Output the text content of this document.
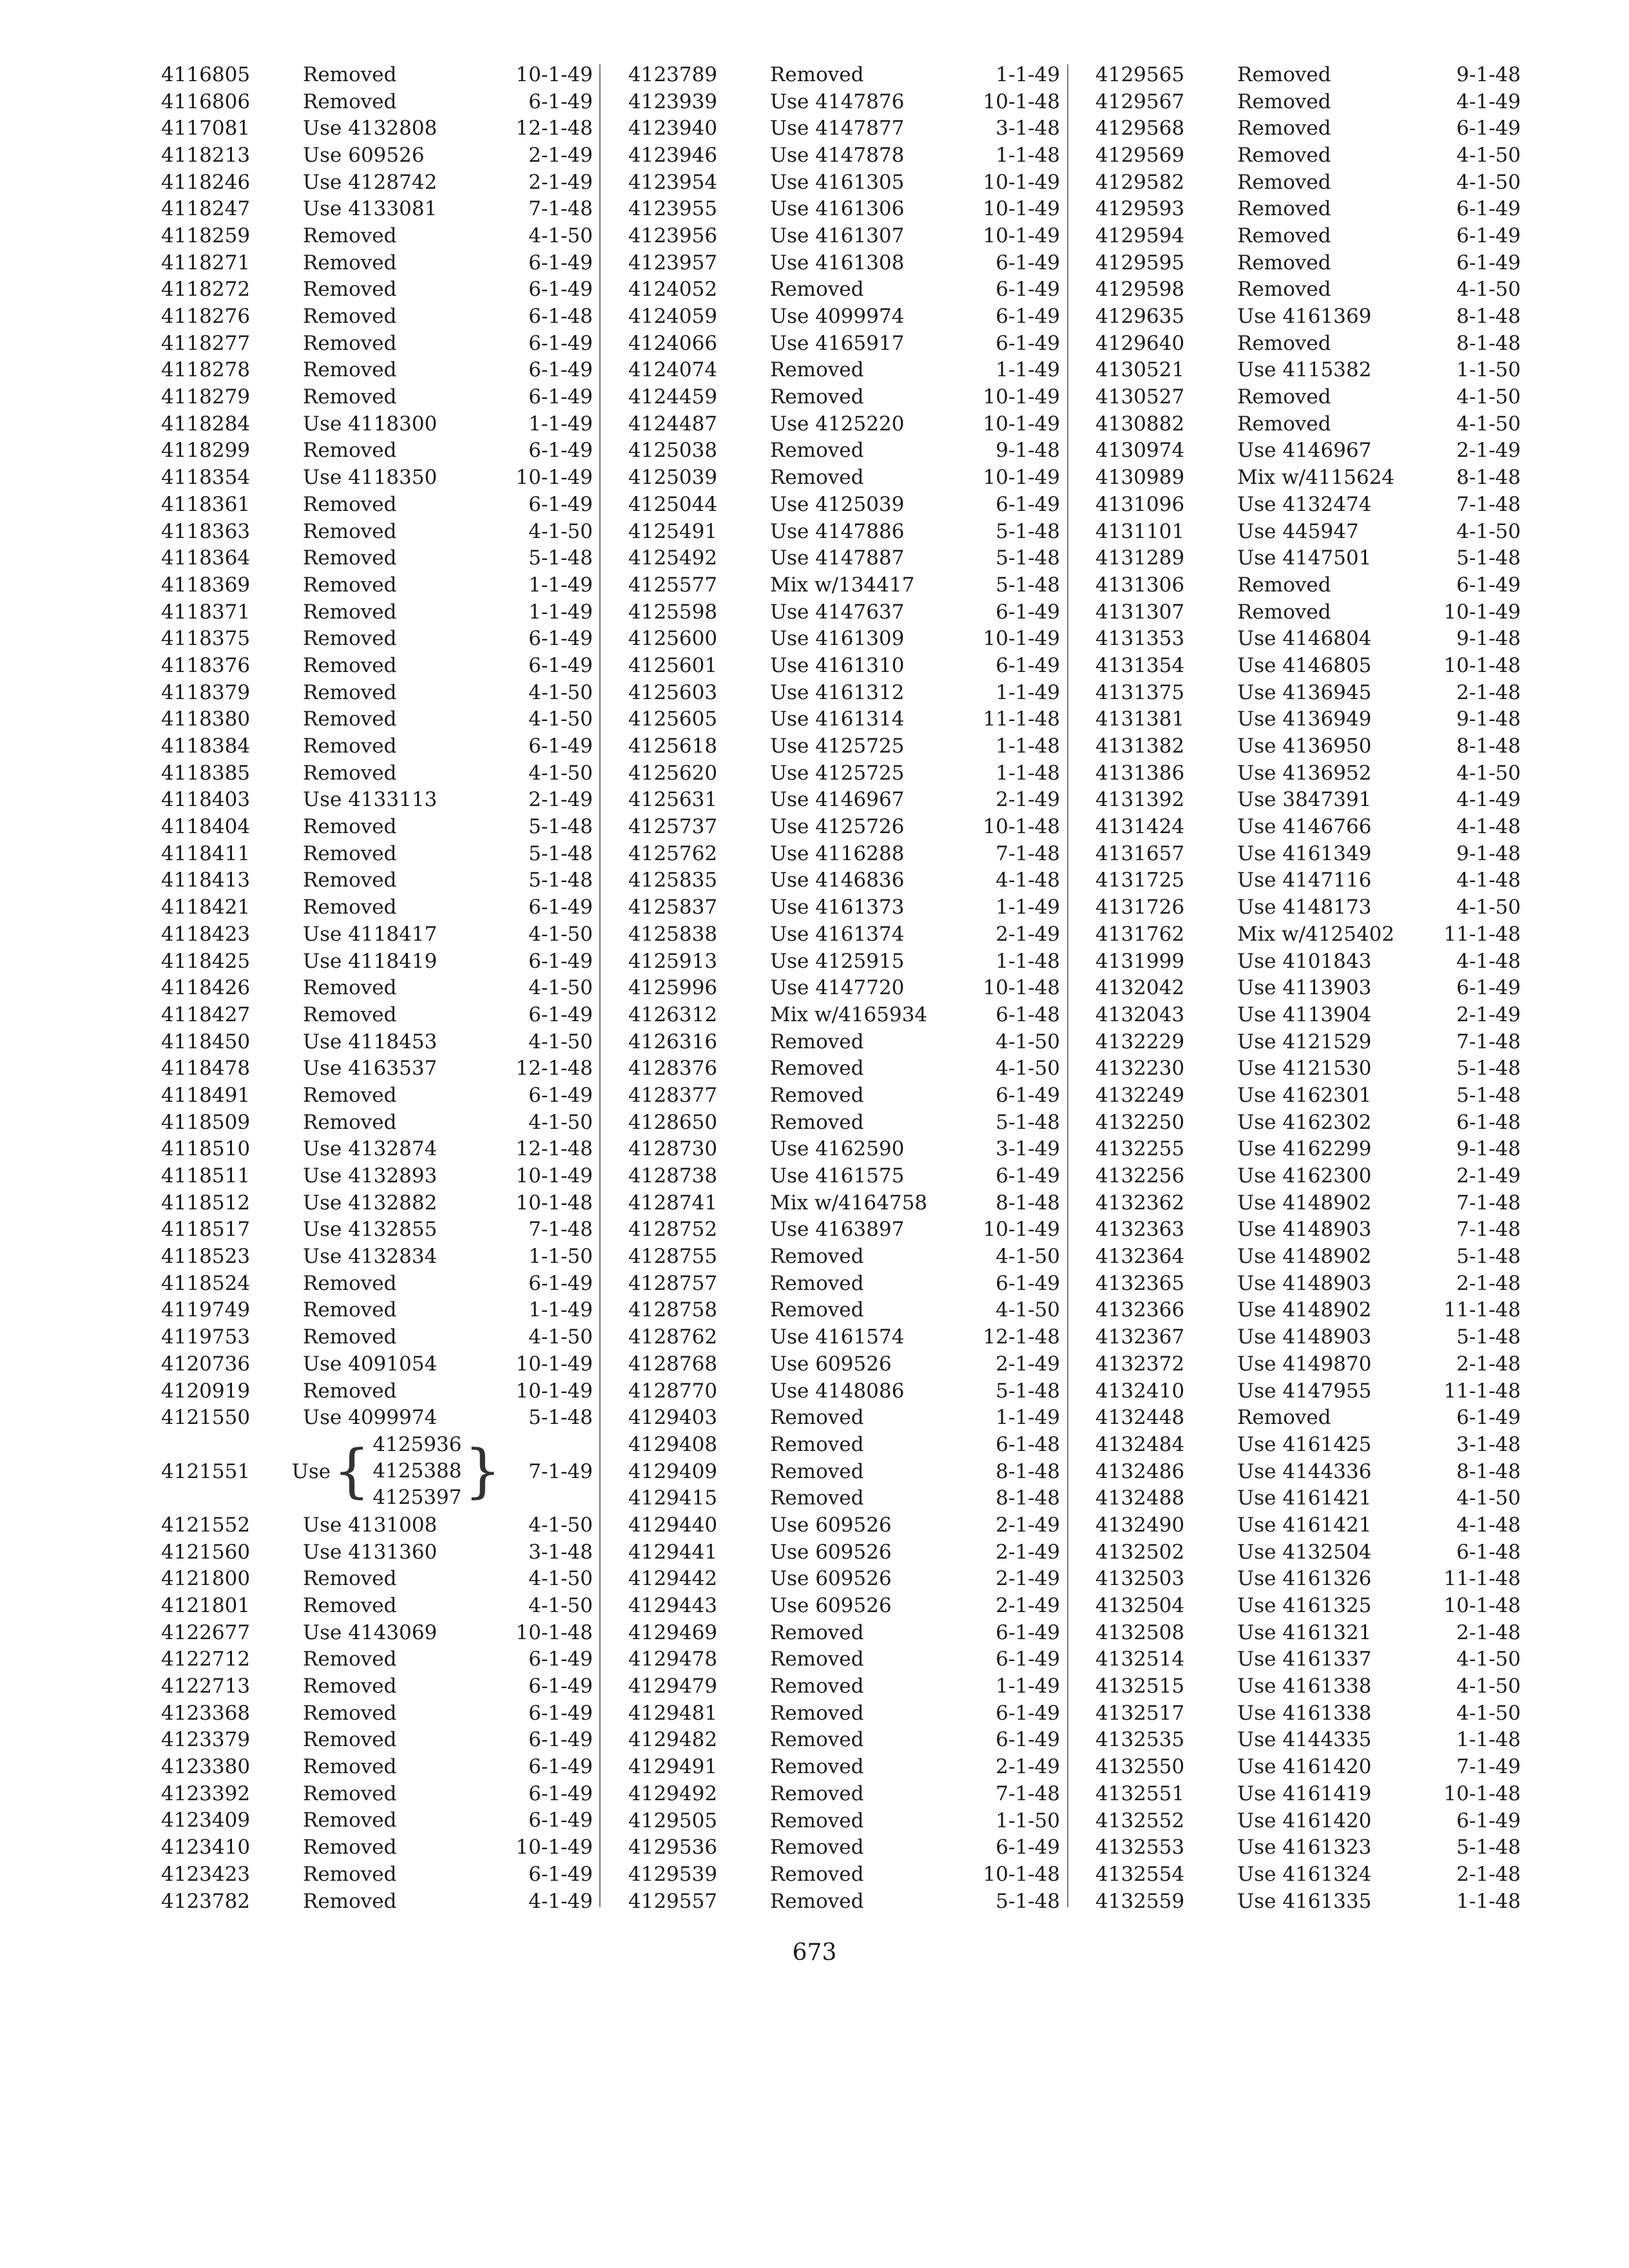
4116805	Removed	10-1-49
4116806	Removed	6-1-49
4117081	Use 4132808	12-1-48
4118213	Use 609526	2-1-49
4118246	Use 4128742	2-1-49
4118247	Use 4133081	7-1-48
4118259	Removed	4-1-50
4118271	Removed	6-1-49
4118272	Removed	6-1-49
4118276	Removed	6-1-48
4118277	Removed	6-1-49
4118278	Removed	6-1-49
4118279	Removed	6-1-49
4118284	Use 4118300	1-1-49
4118299	Removed	6-1-49
4118354	Use 4118350	10-1-49
4118361	Removed	6-1-49
4118363	Removed	4-1-50
4118364	Removed	5-1-48
4118369	Removed	1-1-49
4118371	Removed	1-1-49
4118375	Removed	6-1-49
4118376	Removed	6-1-49
4118379	Removed	4-1-50
4118380	Removed	4-1-50
4118384	Removed	6-1-49
4118385	Removed	4-1-50
4118403	Use 4133113	2-1-49
4118404	Removed	5-1-48
4118411	Removed	5-1-48
4118413	Removed	5-1-48
4118421	Removed	6-1-49
4118423	Use 4118417	4-1-50
4118425	Use 4118419	6-1-49
4118426	Removed	4-1-50
4118427	Removed	6-1-49
4118450	Use 4118453	4-1-50
4118478	Use 4163537	12-1-48
4118491	Removed	6-1-49
4118509	Removed	4-1-50
4118510	Use 4132874	12-1-48
4118511	Use 4132893	10-1-49
4118512	Use 4132882	10-1-48
4118517	Use 4132855	7-1-48
4118523	Use 4132834	1-1-50
4118524	Removed	6-1-49
4119749	Removed	1-1-49
4119753	Removed	4-1-50
4120736	Use 4091054	10-1-49
4120919	Removed	10-1-49
4121550	Use 4099974	5-1-48
4121551	Use { 4125936
4125388
4125397 }	7-1-49
4121552	Use 4131008	4-1-50
4121560	Use 4131360	3-1-48
4121800	Removed	4-1-50
4121801	Removed	4-1-50
4122677	Use 4143069	10-1-48
4122712	Removed	6-1-49
4122713	Removed	6-1-49
4123368	Removed	6-1-49
4123379	Removed	6-1-49
4123380	Removed	6-1-49
4123392	Removed	6-1-49
4123409	Removed	6-1-49
4123410	Removed	10-1-49
4123423	Removed	6-1-49
4123782	Removed	4-1-49
4123789	Removed	1-1-49
4123939	Use 4147876	10-1-48
4123940	Use 4147877	3-1-48
4123946	Use 4147878	1-1-48
4123954	Use 4161305	10-1-49
4123955	Use 4161306	10-1-49
4123956	Use 4161307	10-1-49
4123957	Use 4161308	6-1-49
4124052	Removed	6-1-49
4124059	Use 4099974	6-1-49
4124066	Use 4165917	6-1-49
4124074	Removed	1-1-49
4124459	Removed	10-1-49
4124487	Use 4125220	10-1-49
4125038	Removed	9-1-48
4125039	Removed	10-1-49
4125044	Use 4125039	6-1-49
4125491	Use 4147886	5-1-48
4125492	Use 4147887	5-1-48
4125577	Mix w/134417	5-1-48
4125598	Use 4147637	6-1-49
4125600	Use 4161309	10-1-49
4125601	Use 4161310	6-1-49
4125603	Use 4161312	1-1-49
4125605	Use 4161314	11-1-48
4125618	Use 4125725	1-1-48
4125620	Use 4125725	1-1-48
4125631	Use 4146967	2-1-49
4125737	Use 4125726	10-1-48
4125762	Use 4116288	7-1-48
4125835	Use 4146836	4-1-48
4125837	Use 4161373	1-1-49
4125838	Use 4161374	2-1-49
4125913	Use 4125915	1-1-48
4125996	Use 4147720	10-1-48
4126312	Mix w/4165934	6-1-48
4126316	Removed	4-1-50
4128376	Removed	4-1-50
4128377	Removed	6-1-49
4128650	Removed	5-1-48
4128730	Use 4162590	3-1-49
4128738	Use 4161575	6-1-49
4128741	Mix w/4164758	8-1-48
4128752	Use 4163897	10-1-49
4128755	Removed	4-1-50
4128757	Removed	6-1-49
4128758	Removed	4-1-50
4128762	Use 4161574	12-1-48
4128768	Use 609526	2-1-49
4128770	Use 4148086	5-1-48
4129403	Removed	1-1-49
4129408	Removed	6-1-48
4129409	Removed	8-1-48
4129415	Removed	8-1-48
4129440	Use 609526	2-1-49
4129441	Use 609526	2-1-49
4129442	Use 609526	2-1-49
4129443	Use 609526	2-1-49
4129469	Removed	6-1-49
4129478	Removed	6-1-49
4129479	Removed	1-1-49
4129481	Removed	6-1-49
4129482	Removed	6-1-49
4129491	Removed	2-1-49
4129492	Removed	7-1-48
4129505	Removed	1-1-50
4129536	Removed	6-1-49
4129539	Removed	10-1-48
4129557	Removed	5-1-48
4129565	Removed	9-1-48
4129567	Removed	4-1-49
4129568	Removed	6-1-49
4129569	Removed	4-1-50
4129582	Removed	4-1-50
4129593	Removed	6-1-49
4129594	Removed	6-1-49
4129595	Removed	6-1-49
4129598	Removed	4-1-50
4129635	Use 4161369	8-1-48
4129640	Removed	8-1-48
4130521	Use 4115382	1-1-50
4130527	Removed	4-1-50
4130882	Removed	4-1-50
4130974	Use 4146967	2-1-49
4130989	Mix w/4115624	8-1-48
4131096	Use 4132474	7-1-48
4131101	Use 445947	4-1-50
4131289	Use 4147501	5-1-48
4131306	Removed	6-1-49
4131307	Removed	10-1-49
4131353	Use 4146804	9-1-48
4131354	Use 4146805	10-1-48
4131375	Use 4136945	2-1-48
4131381	Use 4136949	9-1-48
4131382	Use 4136950	8-1-48
4131386	Use 4136952	4-1-50
4131392	Use 3847391	4-1-49
4131424	Use 4146766	4-1-48
4131657	Use 4161349	9-1-48
4131725	Use 4147116	4-1-48
4131726	Use 4148173	4-1-50
4131762	Mix w/4125402	11-1-48
4131999	Use 4101843	4-1-48
4132042	Use 4113903	6-1-49
4132043	Use 4113904	2-1-49
4132229	Use 4121529	7-1-48
4132230	Use 4121530	5-1-48
4132249	Use 4162301	5-1-48
4132250	Use 4162302	6-1-48
4132255	Use 4162299	9-1-48
4132256	Use 4162300	2-1-49
4132362	Use 4148902	7-1-48
4132363	Use 4148903	7-1-48
4132364	Use 4148902	5-1-48
4132365	Use 4148903	2-1-48
4132366	Use 4148902	11-1-48
4132367	Use 4148903	5-1-48
4132372	Use 4149870	2-1-48
4132410	Use 4147955	11-1-48
4132448	Removed	6-1-49
4132484	Use 4161425	3-1-48
4132486	Use 4144336	8-1-48
4132488	Use 4161421	4-1-50
4132490	Use 4161421	4-1-48
4132502	Use 4132504	6-1-48
4132503	Use 4161326	11-1-48
4132504	Use 4161325	10-1-48
4132508	Use 4161321	2-1-48
4132514	Use 4161337	4-1-50
4132515	Use 4161338	4-1-50
4132517	Use 4161338	4-1-50
4132535	Use 4144335	1-1-48
4132550	Use 4161420	7-1-49
4132551	Use 4161419	10-1-48
4132552	Use 4161420	6-1-49
4132553	Use 4161323	5-1-48
4132554	Use 4161324	2-1-48
4132559	Use 4161335	1-1-48
673
